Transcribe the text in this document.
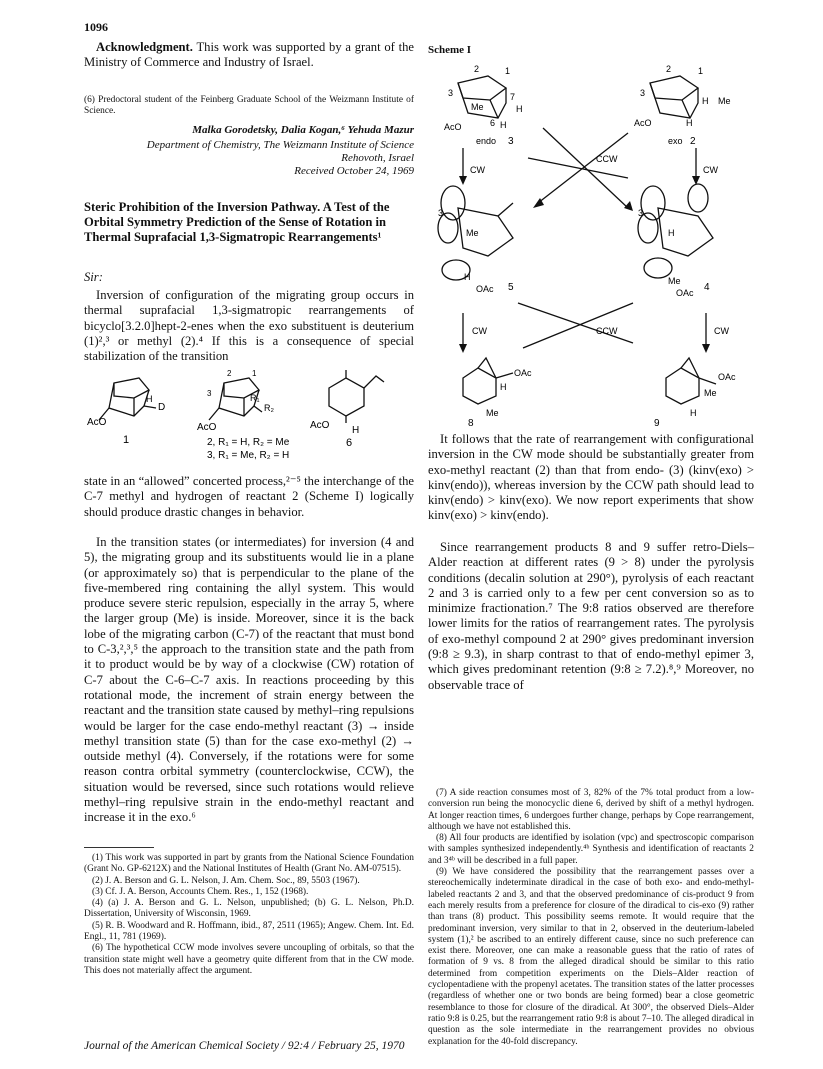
1096

Acknowledgment. This work was supported by a grant of the Ministry of Commerce and Industry of Israel.

(6) Predoctoral student of the Feinberg Graduate School of the Weizmann Institute of Science.
Malka Gorodetsky, Dalia Kogan,⁶ Yehuda Mazur
Department of Chemistry, The Weizmann Institute of Science
Rehovoth, Israel
Received October 24, 1969
Steric Prohibition of the Inversion Pathway. A Test of the Orbital Symmetry Prediction of the Sense of Rotation in Thermal Suprafacial 1,3-Sigmatropic Rearrangements¹
Sir:

Inversion of configuration of the migrating group occurs in thermal suprafacial 1,3-sigmatropic rearrangements of bicyclo[3.2.0]hept-2-enes when the exo substituent is deuterium (1)²,³ or methyl (2).⁴ If this is a consequence of special stabilization of the transition

AcO
H
D
1
3
2	1
AcO
R₁
R₂
2, R₁ = H, R₂ = Me
3, R₁ = Me, R₂ = H
AcO H
6

state in an “allowed” concerted process,²⁻⁵ the interchange of the C-7 methyl and hydrogen of reactant 2 (Scheme I) logically should produce drastic changes in behavior.

In the transition states (or intermediates) for inversion (4 and 5), the migrating group and its substituents would lie in a plane (or approximately so) that is perpendicular to the plane of the five-membered ring containing the allyl system. This would produce severe steric repulsion, especially in the array 5, where the larger group (Me) is inside. Moreover, since it is the back lobe of the migrating carbon (C-7) of the reactant that must bond to C-3,²,³,⁵ the approach to the transition state and the path from it to product would be by way of a clockwise (CW) rotation of C-7 about the C-6–C-7 axis. In reactions proceeding by this rotational mode, the increment of strain energy between the reactant and the transition state caused by methyl–ring repulsions would be larger for the case endo-methyl reactant (3) → inside methyl transition state (5) than for the case exo-methyl (2) → outside methyl (4). Conversely, if the rotations were for some reason contra orbital symmetry (counterclockwise, CCW), the situation would be reversed, since such rotations would relieve methyl–ring repulsive strain in the endo-methyl reactant and increase it in the exo.⁶

(1) This work was supported in part by grants from the National Science Foundation (Grant No. GP-6212X) and the National Institutes of Health (Grant No. AM-07515).

(2) J. A. Berson and G. L. Nelson, J. Am. Chem. Soc., 89, 5503 (1967).

(3) Cf. J. A. Berson, Accounts Chem. Res., 1, 152 (1968).

(4) (a) J. A. Berson and G. L. Nelson, unpublished; (b) G. L. Nelson, Ph.D. Dissertation, University of Wisconsin, 1969.

(5) R. B. Woodward and R. Hoffmann, ibid., 87, 2511 (1965); Angew. Chem. Int. Ed. Engl., 11, 781 (1969).

(6) The hypothetical CCW mode involves severe uncoupling of orbitals, so that the transition state might well have a geometry quite different from that in the CW mode. This does not materially affect the argument.

Scheme I
2	1
3
Me
7
H
6 H
AcO
endo 3
2	1
3
H Me
AcO	H
exo 2
CW	CW
CCW
3
Me
H
OAc 5
3
H
Me
OAc 4
CW	CW
CCW
OAc
H
Me
8
OAc
Me
H
9

It follows that the rate of rearrangement with configurational inversion in the CW mode should be substantially greater from exo-methyl reactant (2) than that from endo- (3) (kinv(exo) > kinv(endo)), whereas inversion by the CCW path should lead to kinv(endo) > kinv(exo). We now report experiments that show kinv(exo) > kinv(endo).

Since rearrangement products 8 and 9 suffer retro-Diels–Alder reaction at different rates (9 > 8) under the pyrolysis conditions (decalin solution at 290°), pyrolysis of each reactant 2 and 3 is carried only to a few per cent conversion so as to minimize fractionation.⁷ The 9:8 ratios observed are therefore lower limits for the ratios of rearrangement rates. The pyrolysis of exo-methyl compound 2 at 290° gives predominant inversion (9:8 ≥ 9.3), in sharp contrast to that of endo-methyl epimer 3, which gives predominant retention (9:8 ≥ 7.2).⁸,⁹ Moreover, no observable trace of

(7) A side reaction consumes most of 3, 82% of the 7% total product from a low-conversion run being the monocyclic diene 6, derived by shift of a methyl hydrogen. At longer reaction times, 6 undergoes further change, perhaps by Cope rearrangement, although we have not established this.

(8) All four products are identified by isolation (vpc) and spectroscopic comparison with samples synthesized independently.⁴ᵇ Synthesis and identification of reactants 2 and 3⁴ᵇ will be described in a full paper.

(9) We have considered the possibility that the rearrangement passes over a stereochemically indeterminate diradical in the case of both exo- and endo-methyl-labeled reactants 2 and 3, and that the observed predominance of cis-product 9 from each merely results from a preference for closure of the diradical to cis-exo (9) rather than trans (8) product. This possibility seems remote. It would require that the predominant inversion, very similar to that in 2, observed in the deuterium-labeled system (1),² be ascribed to an entirely different cause, since no such preference can exist there. Moreover, one can make a reasonable guess that the ratio of rates of formation of 9 vs. 8 from the alleged diradical should be similar to this ratio determined from competition experiments on the Diels–Alder reaction of cyclopentadiene with the propenyl acetates. The transition states of the latter processes (regardless of whether one or two bonds are being formed) bear a close geometric resemblance to those for closure of the diradical. At 300°, the observed Diels–Alder ratio 9:8 is 0.25, but the rearrangement ratio 9:8 is about 7–10. The alleged diradical in question as the sole intermediate in the rearrangement provides no obvious explanation for the 40-fold discrepancy.

Journal of the American Chemical Society / 92:4 / February 25, 1970
